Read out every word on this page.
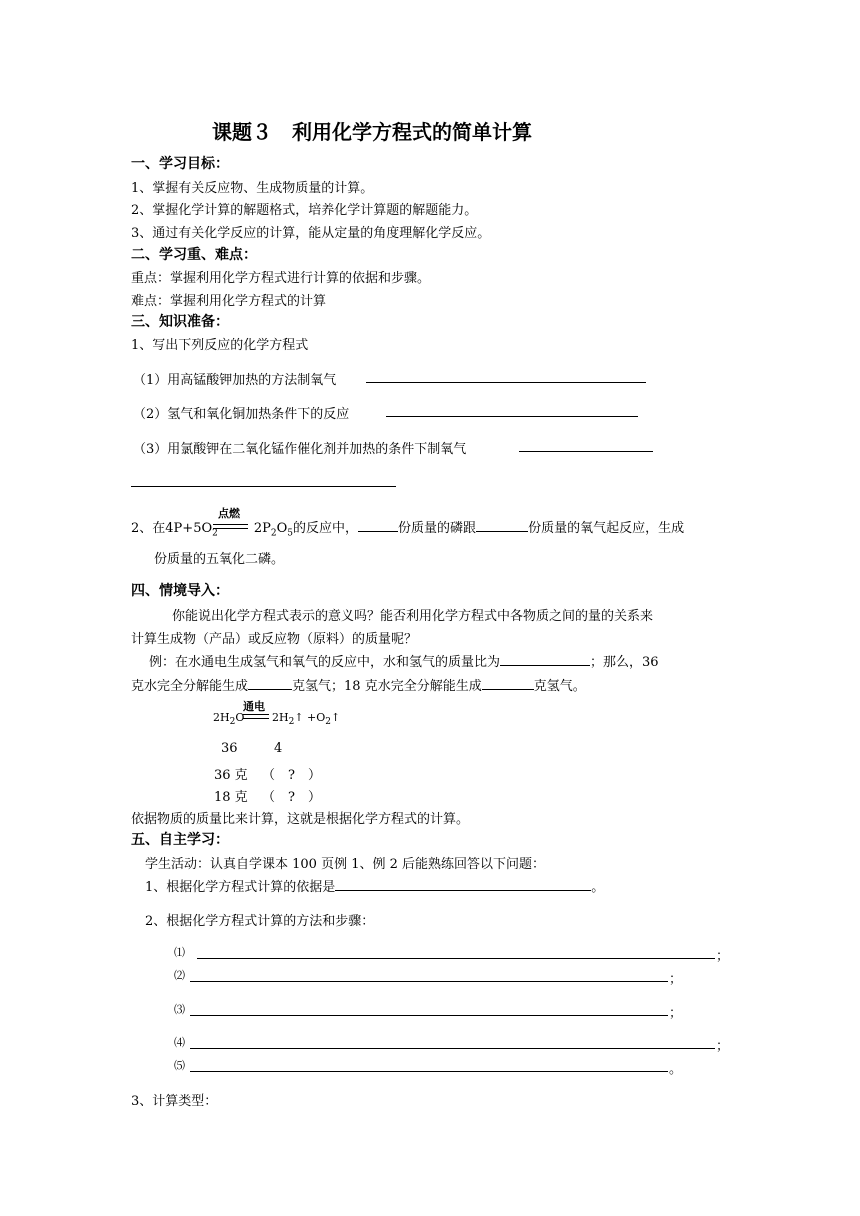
课题３　利用化学方程式的简单计算
一、学习目标：
1、掌握有关反应物、生成物质量的计算。
2、掌握化学计算的解题格式，培养化学计算题的解题能力。
3、通过有关化学反应的计算，能从定量的角度理解化学反应。
二、学习重、难点：
重点：掌握利用化学方程式进行计算的依据和步骤。
难点：掌握利用化学方程式的计算
三、知识准备：
1、写出下列反应的化学方程式
（1）用高锰酸钾加热的方法制氧气
（2）氢气和氧化铜加热条件下的反应
（3）用氯酸钾在二氧化锰作催化剂并加热的条件下制氧气
点燃
2、在$4P+5O_2$	$2P_2O_5$的反应中，	份质量的磷跟	份质量的氧气起反应，生成
份质量的五氧化二磷。
四、情境导入：
你能说出化学方程式表示的意义吗？能否利用化学方程式中各物质之间的量的关系来
计算生成物（产品）或反应物（原料）的质量呢？
例：在水通电生成氢气和氧气的反应中，水和氢气的质量比为	；那么，36
克水完全分解能生成	克氢气；18 克水完全分解能生成	克氢气。
通电
$2H_2O$	$2H_2↑$ $+O_2↑$
36	4
36 克 （　?　）
18 克 （　?　）
依据物质的质量比来计算，这就是根据化学方程式的计算。
五、自主学习：
学生活动：认真自学课本 100 页例 1、例 2 后能熟练回答以下问题：
1、根据化学方程式计算的依据是	。
2、根据化学方程式计算的方法和步骤：
⑴	；
⑵	；
⑶	；
⑷	；
⑸	。
3、计算类型：
